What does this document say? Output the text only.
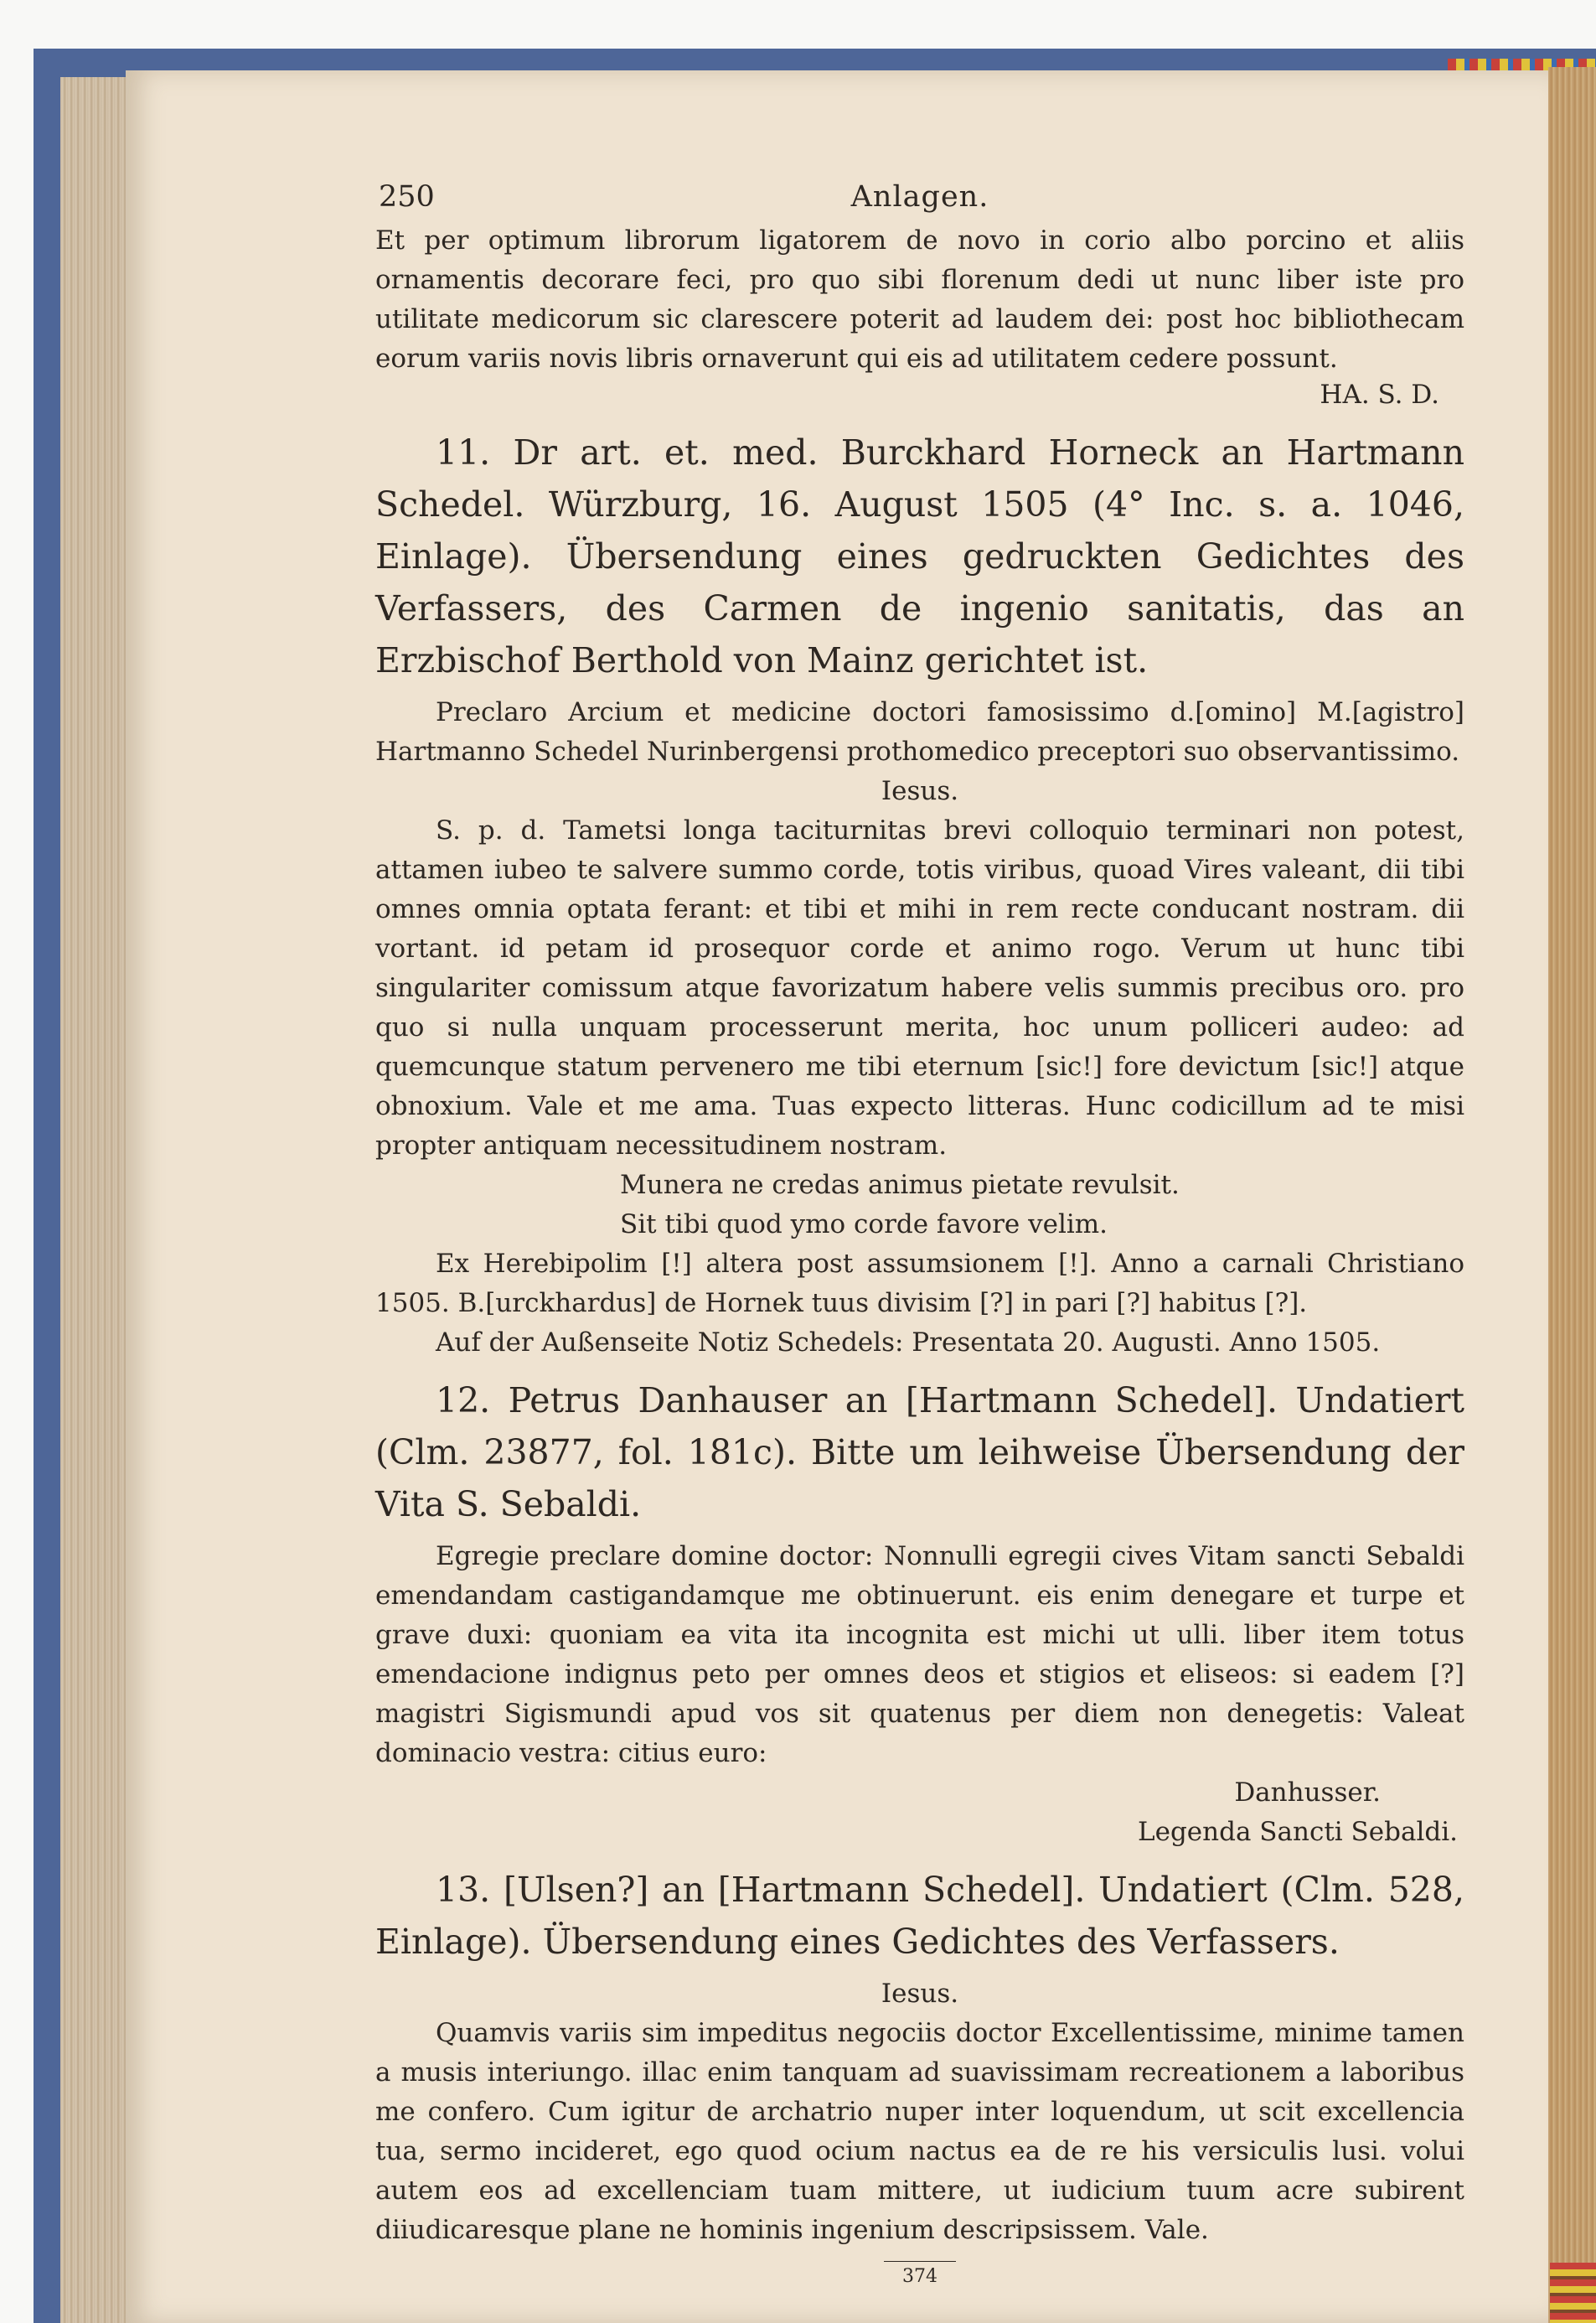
250	Anlagen.

Et per optimum librorum ligatorem de novo in corio albo porcino et aliis ornamentis decorare feci, pro quo sibi florenum dedi ut nunc liber iste pro utilitate medicorum sic clarescere poterit ad laudem dei: post hoc bibliothecam eorum variis novis libris ornaverunt qui eis ad utilitatem cedere possunt.

HA. S. D.

11. Dr art. et. med. Burckhard Horneck an Hartmann Schedel. Würzburg, 16. August 1505 (4° Inc. s. a. 1046, Einlage). Übersendung eines gedruckten Gedichtes des Verfassers, des Carmen de ingenio sanitatis, das an Erzbischof Berthold von Mainz gerichtet ist.

Preclaro Arcium et medicine doctori famosissimo d.[omino] M.[agistro] Hartmanno Schedel Nurinbergensi prothomedico preceptori suo observantissimo.

Iesus.

S. p. d. Tametsi longa taciturnitas brevi colloquio terminari non potest, attamen iubeo te salvere summo corde, totis viribus, quoad Vires valeant, dii tibi omnes omnia optata ferant: et tibi et mihi in rem recte conducant nostram. dii vortant. id petam id prosequor corde et animo rogo. Verum ut hunc tibi singulariter comissum atque favorizatum habere velis summis precibus oro. pro quo si nulla unquam processerunt merita, hoc unum polliceri audeo: ad quemcunque statum pervenero me tibi eternum [sic!] fore devictum [sic!] atque obnoxium. Vale et me ama. Tuas expecto litteras. Hunc codicillum ad te misi propter antiquam necessitudinem nostram.

Munera ne credas animus pietate revulsit.

Sit tibi quod ymo corde favore velim.

Ex Herebipolim [!] altera post assumsionem [!]. Anno a carnali Christiano 1505. B.[urckhardus] de Hornek tuus divisim [?] in pari [?] habitus [?].

Auf der Außenseite Notiz Schedels: Presentata 20. Augusti. Anno 1505.

12. Petrus Danhauser an [Hartmann Schedel]. Undatiert (Clm. 23877, fol. 181c). Bitte um leihweise Übersendung der Vita S. Sebaldi.

Egregie preclare domine doctor: Nonnulli egregii cives Vitam sancti Sebaldi emendandam castigandamque me obtinuerunt. eis enim denegare et turpe et grave duxi: quoniam ea vita ita incognita est michi ut ulli. liber item totus emendacione indignus peto per omnes deos et stigios et eliseos: si eadem [?] magistri Sigismundi apud vos sit quatenus per diem non denegetis: Valeat dominacio vestra: citius euro:

Danhusser.

Legenda Sancti Sebaldi.

13. [Ulsen?] an [Hartmann Schedel]. Undatiert (Clm. 528, Einlage). Übersendung eines Gedichtes des Verfassers.

Iesus.

Quamvis variis sim impeditus negociis doctor Excellentissime, minime tamen a musis interiungo. illac enim tanquam ad suavissimam recreationem a laboribus me confero. Cum igitur de archatrio nuper inter loquendum, ut scit excellencia tua, sermo incideret, ego quod ocium nactus ea de re his versiculis lusi. volui autem eos ad excellenciam tuam mittere, ut iudicium tuum acre subirent diiudicaresque plane ne hominis ingenium descripsissem. Vale.

374
